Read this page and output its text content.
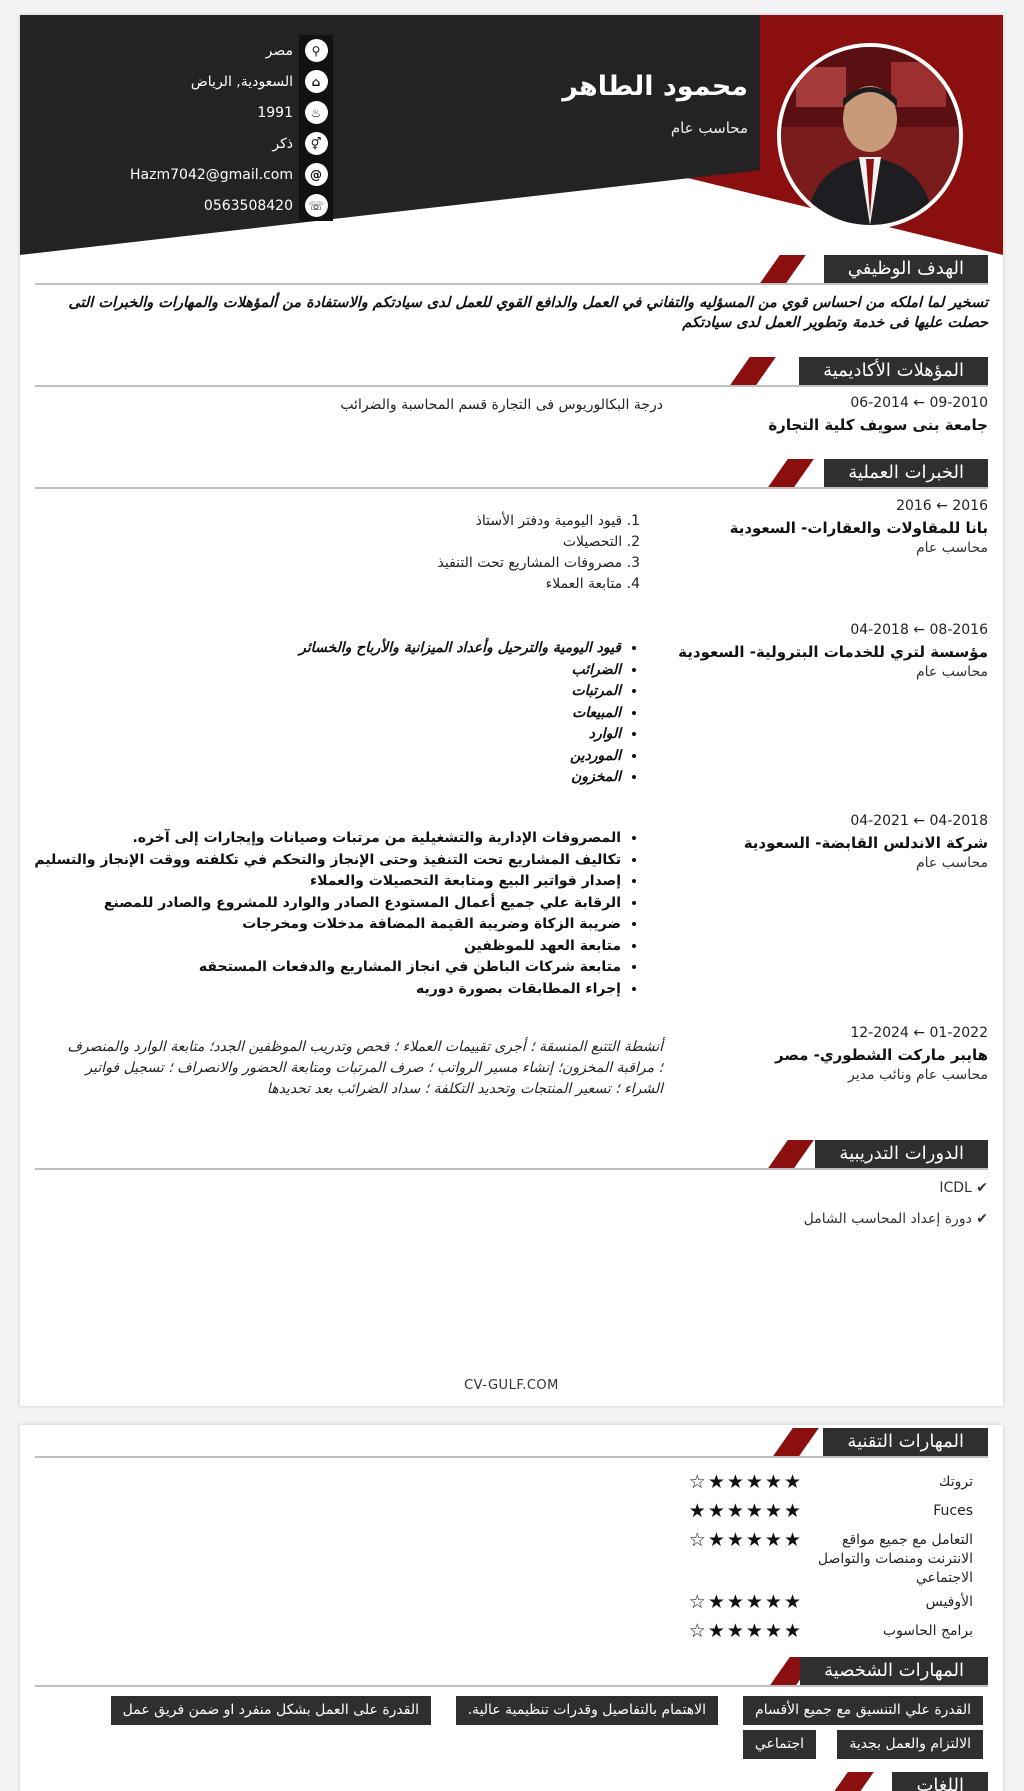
محمود الطاهر
محاسب عام
⚲
مصر
⌂
السعودية, الرياض
♨
1991
⚥
ذكر
@
Hazm7042@gmail.com
☏
0563508420
الهدف الوظيفي
تسخير لما املكه من احساس قوي من المسؤليه والتفاني في العمل والدافع القوي للعمل لدى سيادتكم والاستفادة من ألمؤهلات والمهارات والخبرات التى حصلت عليها فى خدمة وتطوير العمل لدى سيادتكم
المؤهلات الأكاديمية
09-2010 ← 06-2014
جامعة بنى سويف كلية التجارة
درجة البكالوريوس فى التجارة قسم المحاسبة والضرائب
الخبرات العملية
2016 ← 2016
بانا للمقاولات والعقارات- السعودية
محاسب عام
1. قيود اليومية ودفتر الأستاذ
2. التحصيلات
3. مصروفات المشاريع تحت التنفيذ
4. متابعة العملاء
08-2016 ← 04-2018
مؤسسة لتري للخدمات البترولية- السعودية
محاسب عام
• قيود اليومية والترحيل وأعداد الميزانية والأرباح والخسائر
• الضرائب
• المرتبات
• المبيعات
• الوارد
• الموردين
• المخزون
04-2018 ← 04-2021
شركة الاندلس القابضة- السعودية
محاسب عام
• المصروفات الإدارية والتشغيلية من مرتبات وصيانات وإيجارات إلى آخره.
• تكاليف المشاريع تحت التنفيذ وحتى الإنجاز والتحكم في تكلفته ووقت الإنجاز والتسليم
• إصدار فواتير البيع ومتابعة التحصيلات والعملاء
• الرقابة علي جميع أعمال المستودع الصادر والوارد للمشروع والصادر للمصنع
• ضريبة الزكاة وضريبة القيمة المضافة مدخلات ومخرجات
• متابعة العهد للموظفين
• متابعة شركات الباطن في انجاز المشاريع والدفعات المستحقه
• إجراء المطابقات بصورة دوريه
01-2022 ← 12-2024
هايبر ماركت الشطوري- مصر
محاسب عام ونائب مدير
أنشطة التتبع المنسقة ؛ أجرى تقييمات العملاء ؛ فحص وتدريب الموظفين الجدد؛ متابعة الوارد والمنصرف ؛ مراقبة المخزون؛ إنشاء مسير الرواتب ؛ صرف المرتبات ومتابعة الحضور والانصراف ؛ تسجيل فواتير الشراء ؛ تسعير المنتجات وتحديد التكلفة ؛ سداد الضرائب بعد تحديدها
الدورات التدريبية
✔ ICDL
✔ دورة إعداد المحاسب الشامل
CV-GULF.COM
المهارات التقنية
تروتك
★★★★★☆
Fuces
★★★★★★
التعامل مع جميع مواقع الانترنت ومنصات والتواصل الاجتماعي
★★★★★☆
الأوفيس
★★★★★☆
برامج الحاسوب
★★★★★☆
المهارات الشخصية
القدرة علي التنسيق مع جميع الأقسام
الاهتمام بالتفاصيل وقدرات تنظيمية عالية.
القدرة على العمل بشكل منفرد او ضمن فريق عمل
الالتزام والعمل بجدية
اجتماعي
اللغات
